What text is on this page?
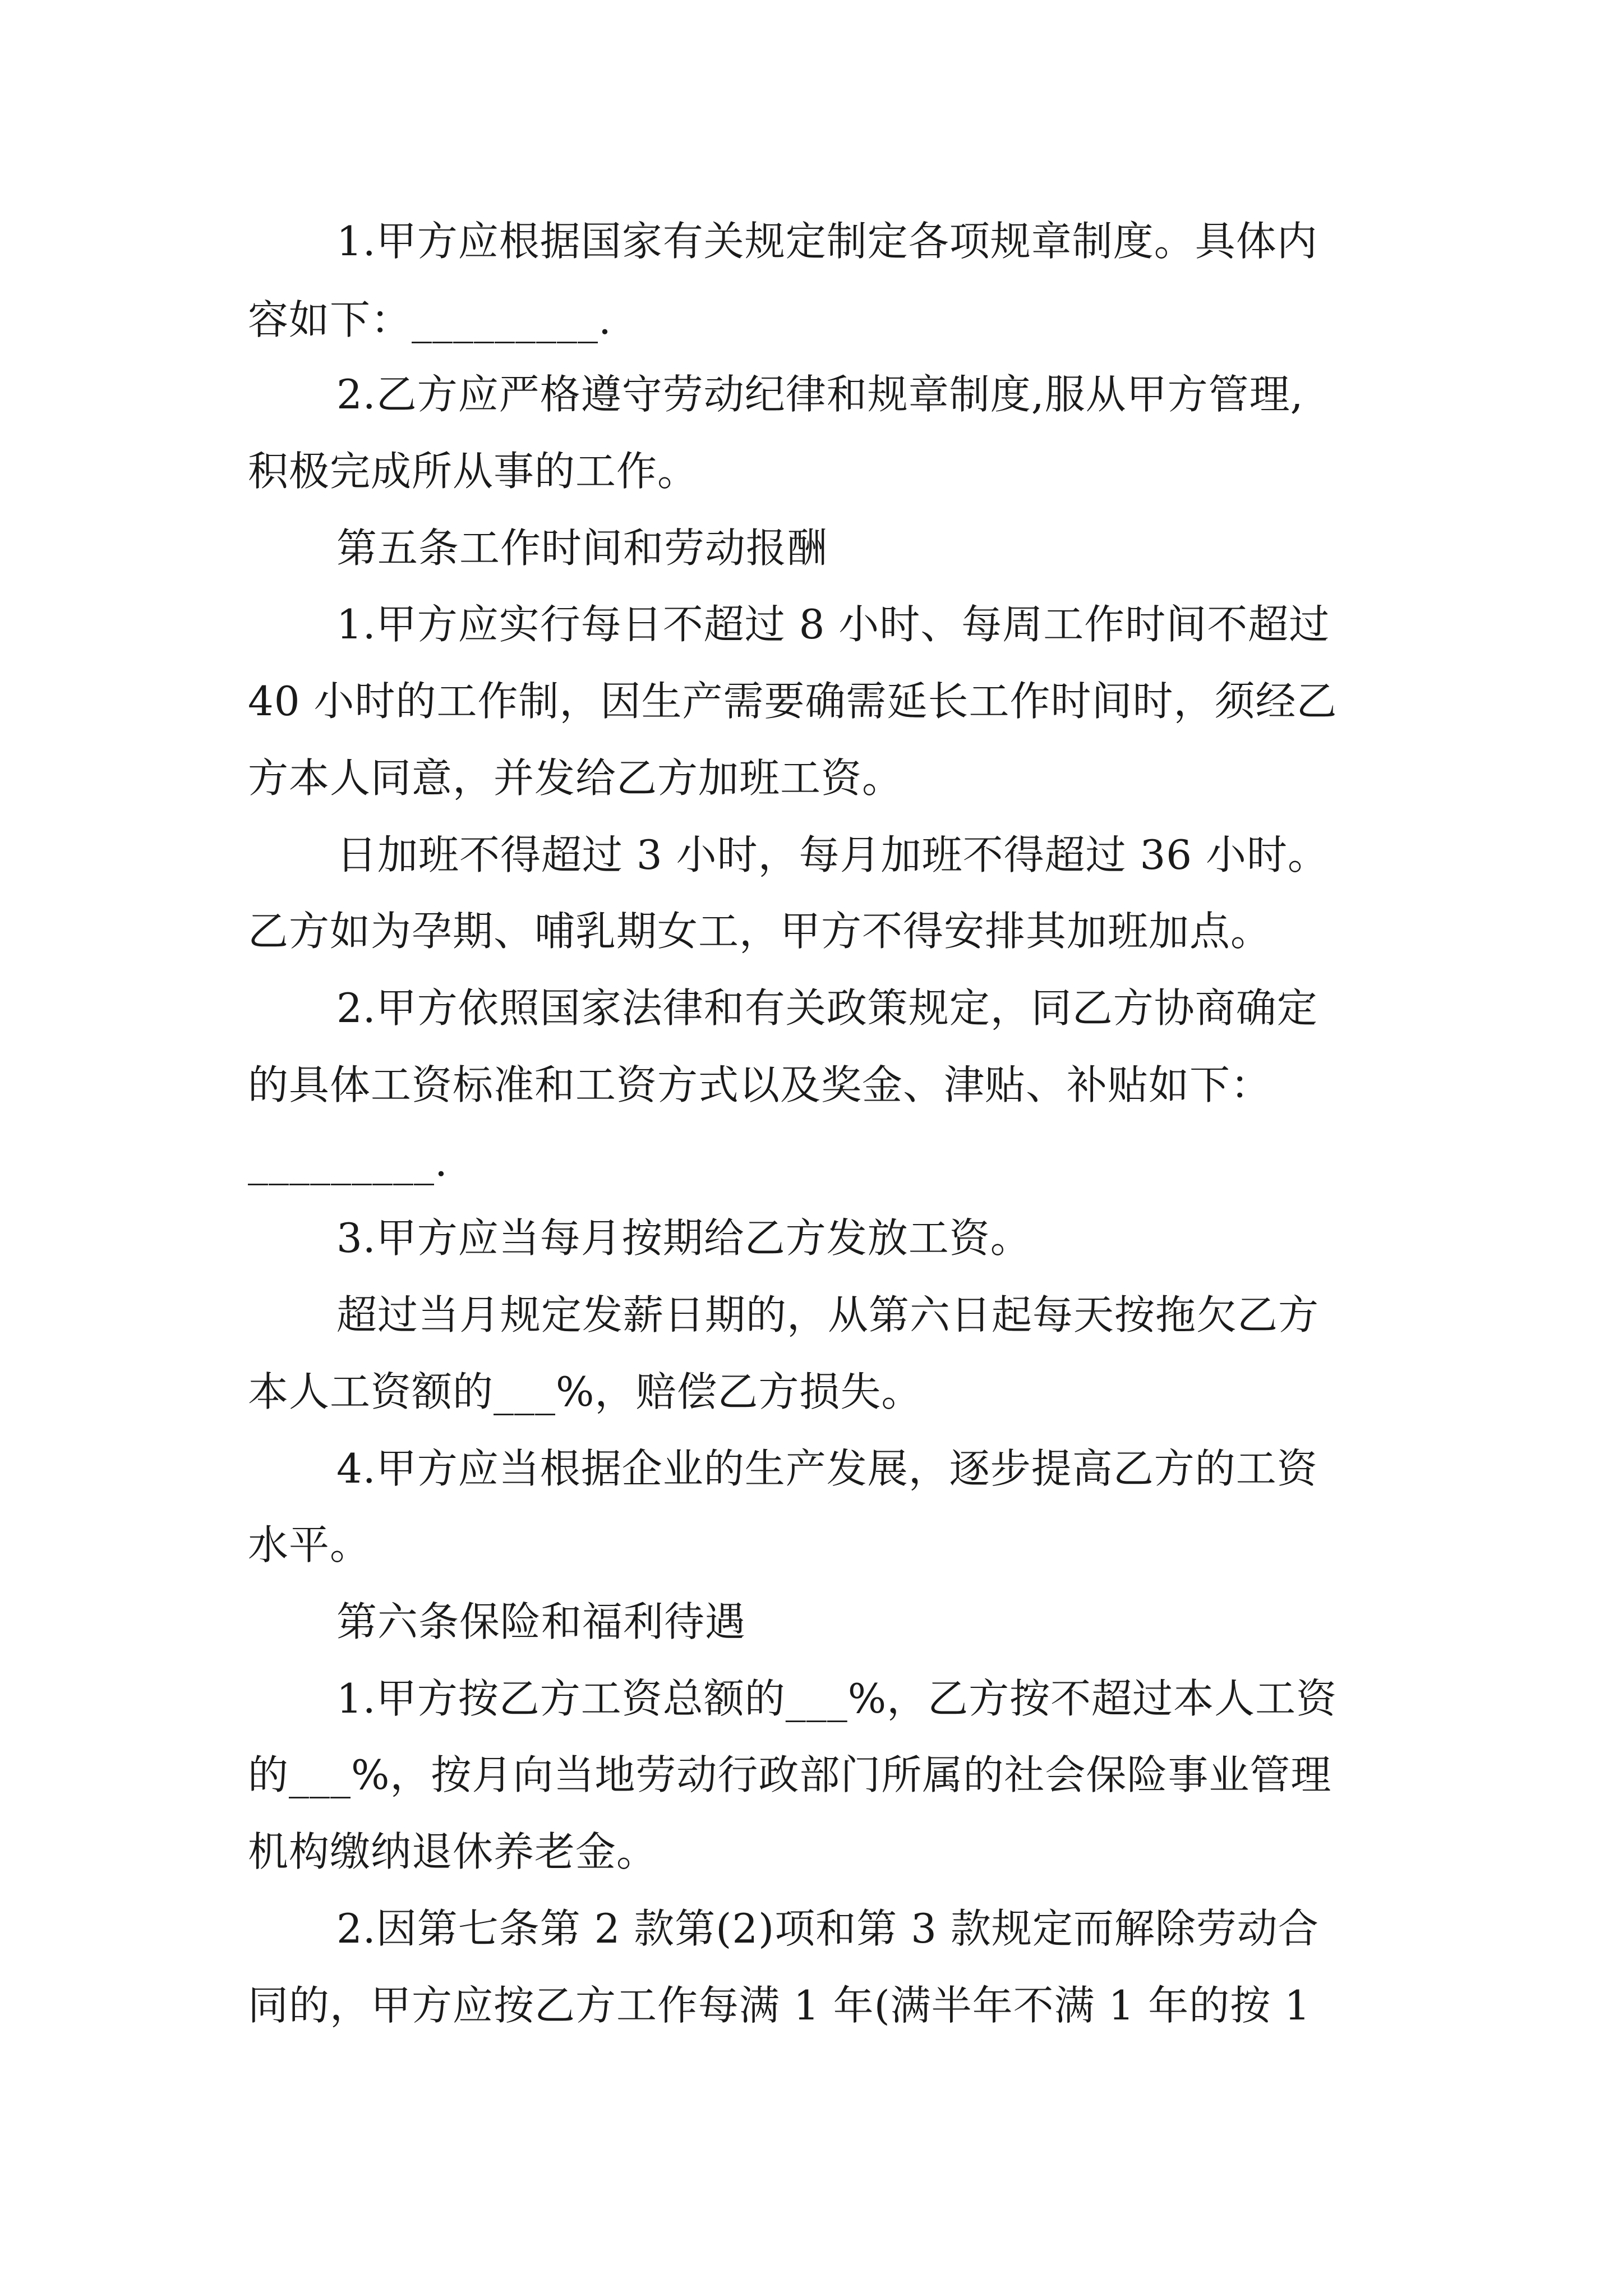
1.甲方应根据国家有关规定制定各项规章制度。具体内
容如下：_________.
2.乙方应严格遵守劳动纪律和规章制度,服从甲方管理,
积极完成所从事的工作。
第五条工作时间和劳动报酬
1.甲方应实行每日不超过 8 小时、每周工作时间不超过
40 小时的工作制，因生产需要确需延长工作时间时，须经乙
方本人同意，并发给乙方加班工资。
日加班不得超过 3 小时，每月加班不得超过 36 小时。
乙方如为孕期、哺乳期女工，甲方不得安排其加班加点。
2.甲方依照国家法律和有关政策规定，同乙方协商确定
的具体工资标准和工资方式以及奖金、津贴、补贴如下：
_________.
3.甲方应当每月按期给乙方发放工资。
超过当月规定发薪日期的，从第六日起每天按拖欠乙方
本人工资额的___%，赔偿乙方损失。
4.甲方应当根据企业的生产发展，逐步提高乙方的工资
水平。
第六条保险和福利待遇
1.甲方按乙方工资总额的___%，乙方按不超过本人工资
的___%，按月向当地劳动行政部门所属的社会保险事业管理
机构缴纳退休养老金。
2.因第七条第 2 款第(2)项和第 3 款规定而解除劳动合
同的，甲方应按乙方工作每满 1 年(满半年不满 1 年的按 1
